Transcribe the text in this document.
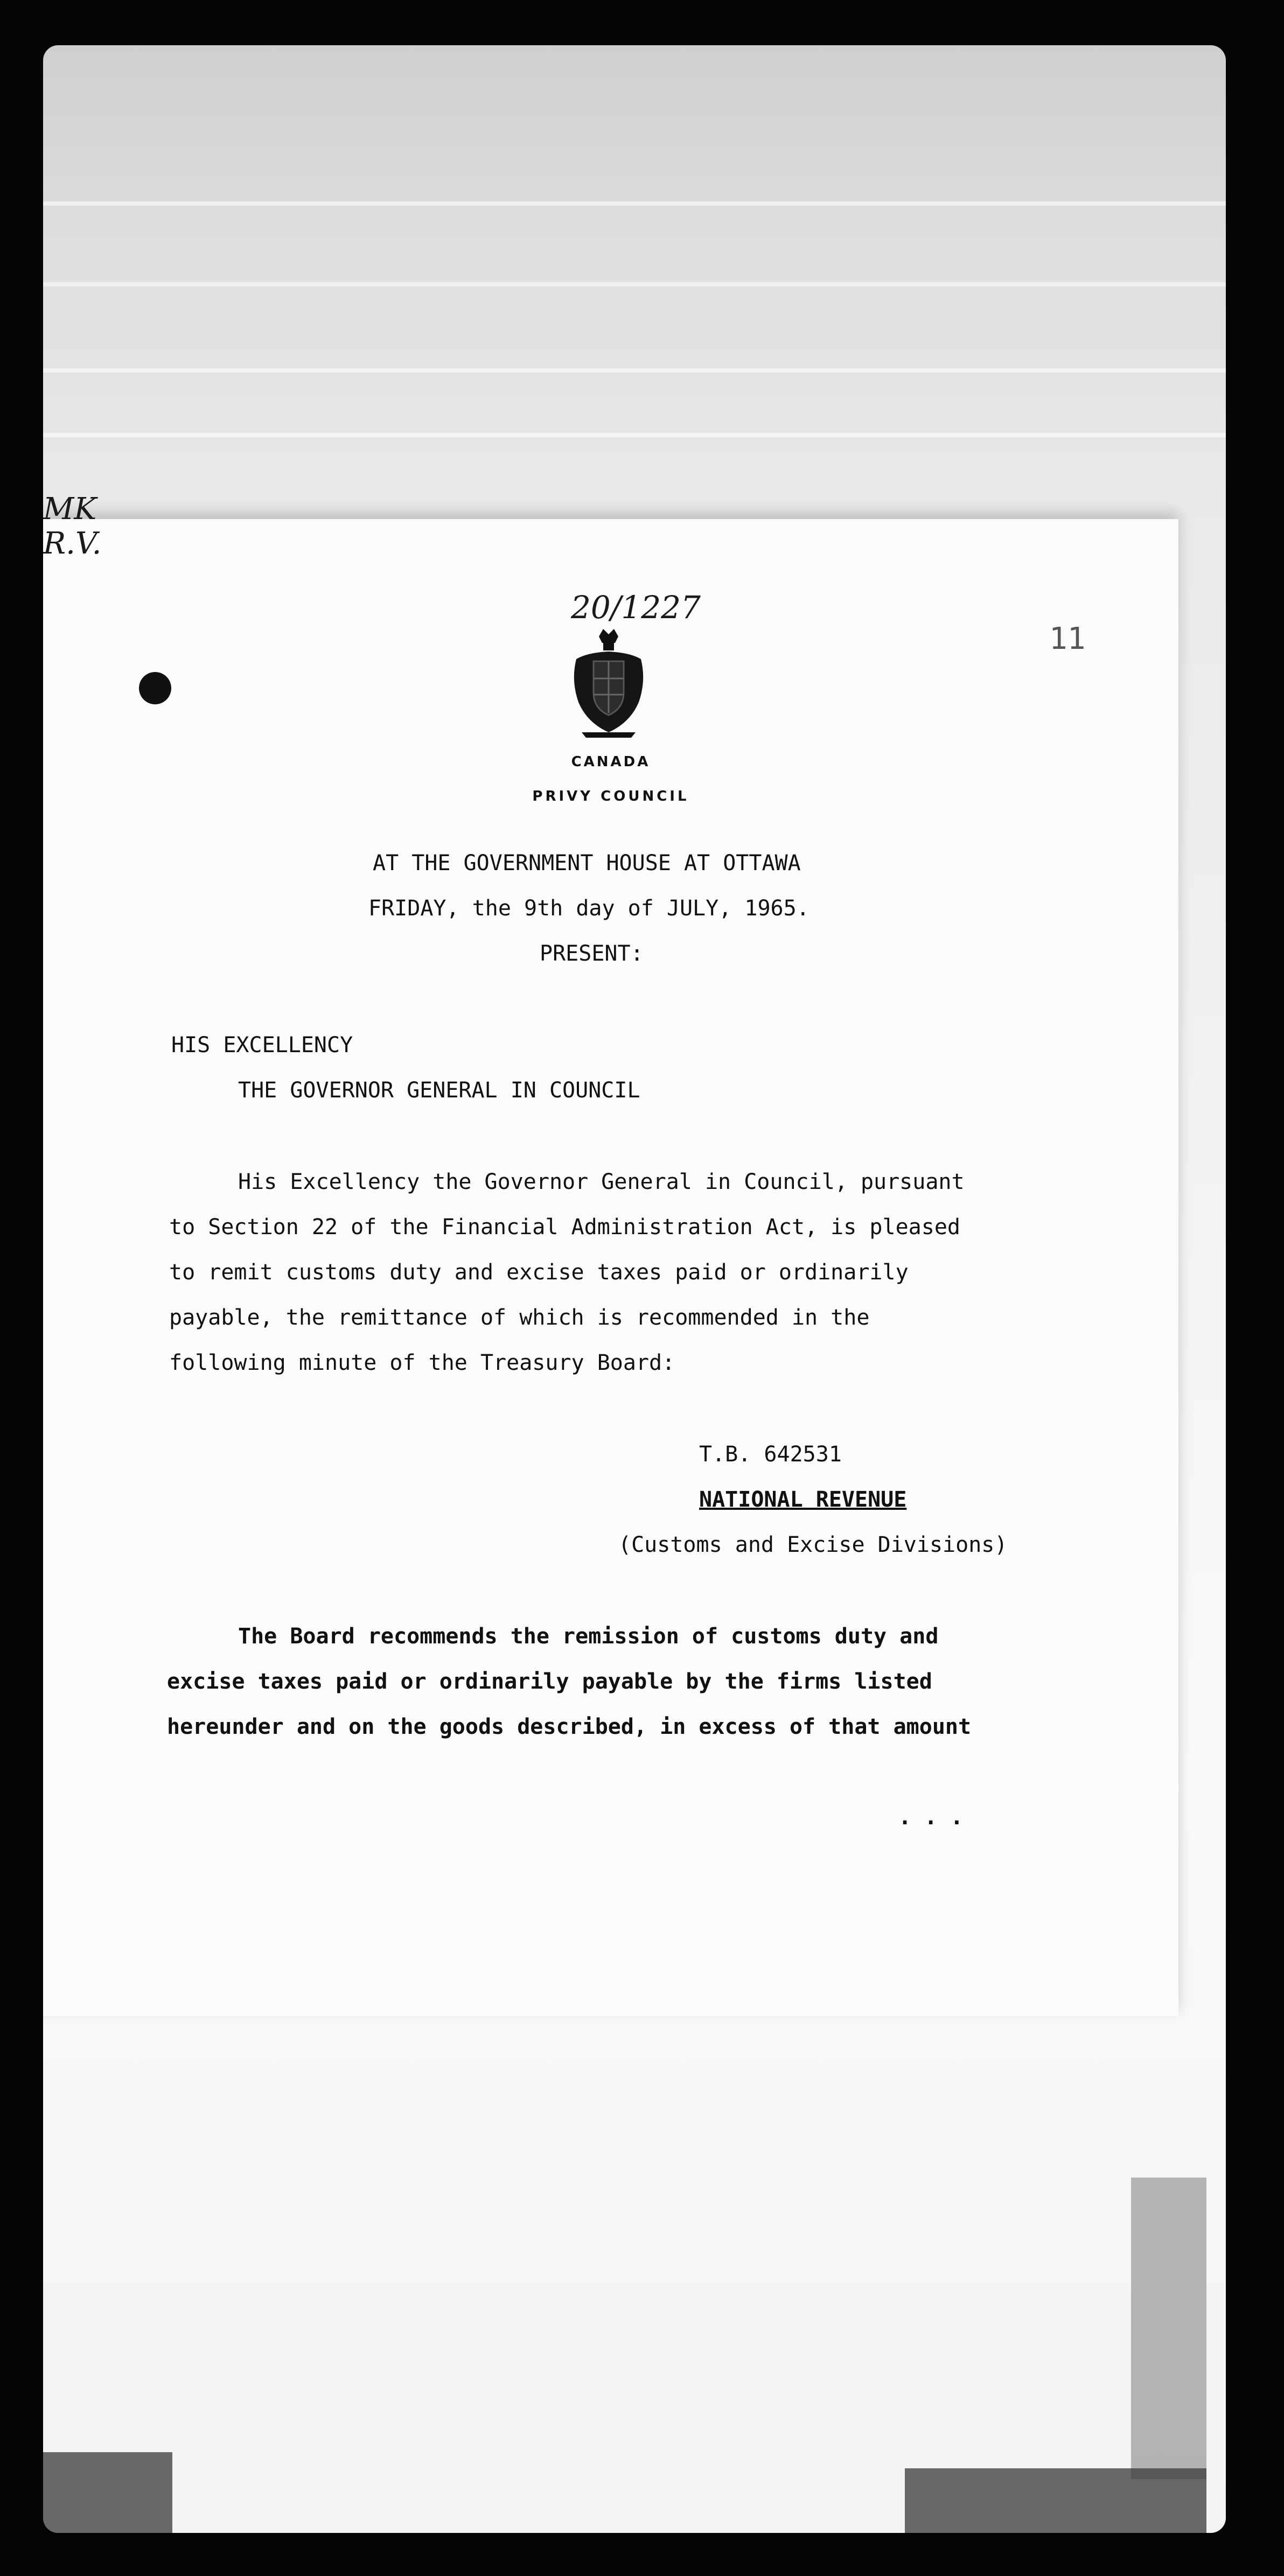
11
20/1227
CANADA
PRIVY COUNCIL
AT THE GOVERNMENT HOUSE AT OTTAWA
FRIDAY, the 9th day of JULY, 1965.
PRESENT:
HIS EXCELLENCY
THE GOVERNOR GENERAL IN COUNCIL
His Excellency the Governor General in Council, pursuant
to Section 22 of the Financial Administration Act, is pleased
to remit customs duty and excise taxes paid or ordinarily
payable, the remittance of which is recommended in the
following minute of the Treasury Board:
T.B. 642531
NATIONAL REVENUE
(Customs and Excise Divisions)
The Board recommends the remission of customs duty and
excise taxes paid or ordinarily payable by the firms listed
hereunder and on the goods described, in excess of that amount
. . .
MK
R.V.
